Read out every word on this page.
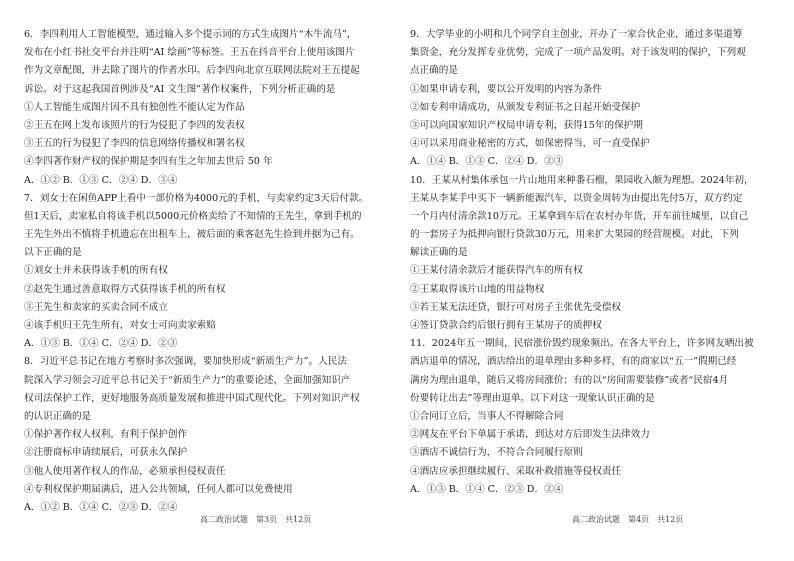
6．李四利用人工智能模型，通过输入多个提示词的方式生成图片“木牛流马”，
发布在小红书社交平台并注明“AI 绘画”等标签。王五在抖音平台上使用该图片
作为文章配图，并去除了图片的作者水印。后李四向北京互联网法院对王五提起
诉讼。对于这起我国首例涉及“AI 文生图”著作权案件，下列分析正确的是
①人工智能生成图片因不具有独创性不能认定为作品
②王五在网上发布该照片的行为侵犯了李四的发表权
③王五的行为侵犯了李四的信息网络传播权和署名权
④李四著作财产权的保护期是李四有生之年加去世后 50 年
A．①② B．①③ C．②④ D．③④
7．刘女士在闲鱼APP上看中一部价格为4000元的手机，与卖家约定3天后付款。
但1天后，卖家私自将该手机以5000元价格卖给了不知情的王先生，拿到手机的
王先生外出不慎将手机遗忘在出租车上，被后面的乘客赵先生捡到并据为己有。
以下正确的是
①刘女士并未获得该手机的所有权
②赵先生通过善意取得方式获得该手机的所有权
③王先生和卖家的买卖合同不成立
④该手机归王先生所有，对女士可向卖家索赔
A．①③ B．①④ C．②④ D．②③
8．习近平总书记在地方考察时多次强调，要加快形成“新质生产力”。人民法
院深入学习领会习近平总书记关于“新质生产力”的重要论述，全面加强知识产
权司法保护工作，更好地服务高质量发展和推进中国式现代化。下列对知识产权
的认识正确的是
①保护著作权人权利，有利于保护创作
②注册商标申请续展后，可获永久保护
③他人使用著作权人的作品，必须承担侵权责任
④专利权保护期届满后，进入公共领域，任何人都可以免费使用
A．①② B．①④ C．②③ D．②④
9．大学毕业的小明和几个同学自主创业，开办了一家合伙企业，通过多渠道筹
集资金，充分发挥专业优势，完成了一项产品发明。对于该发明的保护，下列观
点正确的是
①如果申请专利，要以公开发明的内容为条件
②如专利申请成功，从颁发专利证书之日起开始受保护
③可以向国家知识产权局申请专利，获得15年的保护期
④可以采用商业秘密的方式，如保密得当，可一直受保护
A．①④ B．①③ C．②④ D．②③
10．王某从村集体承包一片山地用来种番石榴，果园收入颇为理想。2024年初，
王某从李某手中买下一辆新能源汽车，以资金周转为由提出先付5万，双方约定
一个月内付清余款10万元。王某拿到车后在农村办年货，开车前往城里，以自己
的一套房子为抵押向银行贷款30万元，用来扩大果园的经营规模。对此，下列
解读正确的是
①王某付清余款后才能获得汽车的所有权
②王某取得该片山地的用益物权
③若王某无法还贷，银行可对房子主张优先受偿权
④签订贷款合约后银行拥有王某房子的质押权
11．2024年五一期间，民宿涨价毁约现象频出。在各大平台上，许多网友晒出被
酒店退单的情况，酒店给出的退单理由多种多样，有的商家以“五一”假期已经
满房为理由退单，随后又将房间涨价；有的以“房间需要装修”或者“民宿4月
份要转让出去”等理由退单。以下对这一现象认识正确的是
①合同订立后，当事人不得解除合同
②网友在平台下单属于承诺，到达对方后即发生法律效力
③酒店不诚信行为，不符合合同履行原则
④酒店应承担继续履行、采取补救措施等侵权责任
A．①③ B．①④ C．②③ D．②④
高二政治试题　第3页　共12页	高二政治试题　第4页　共12页
